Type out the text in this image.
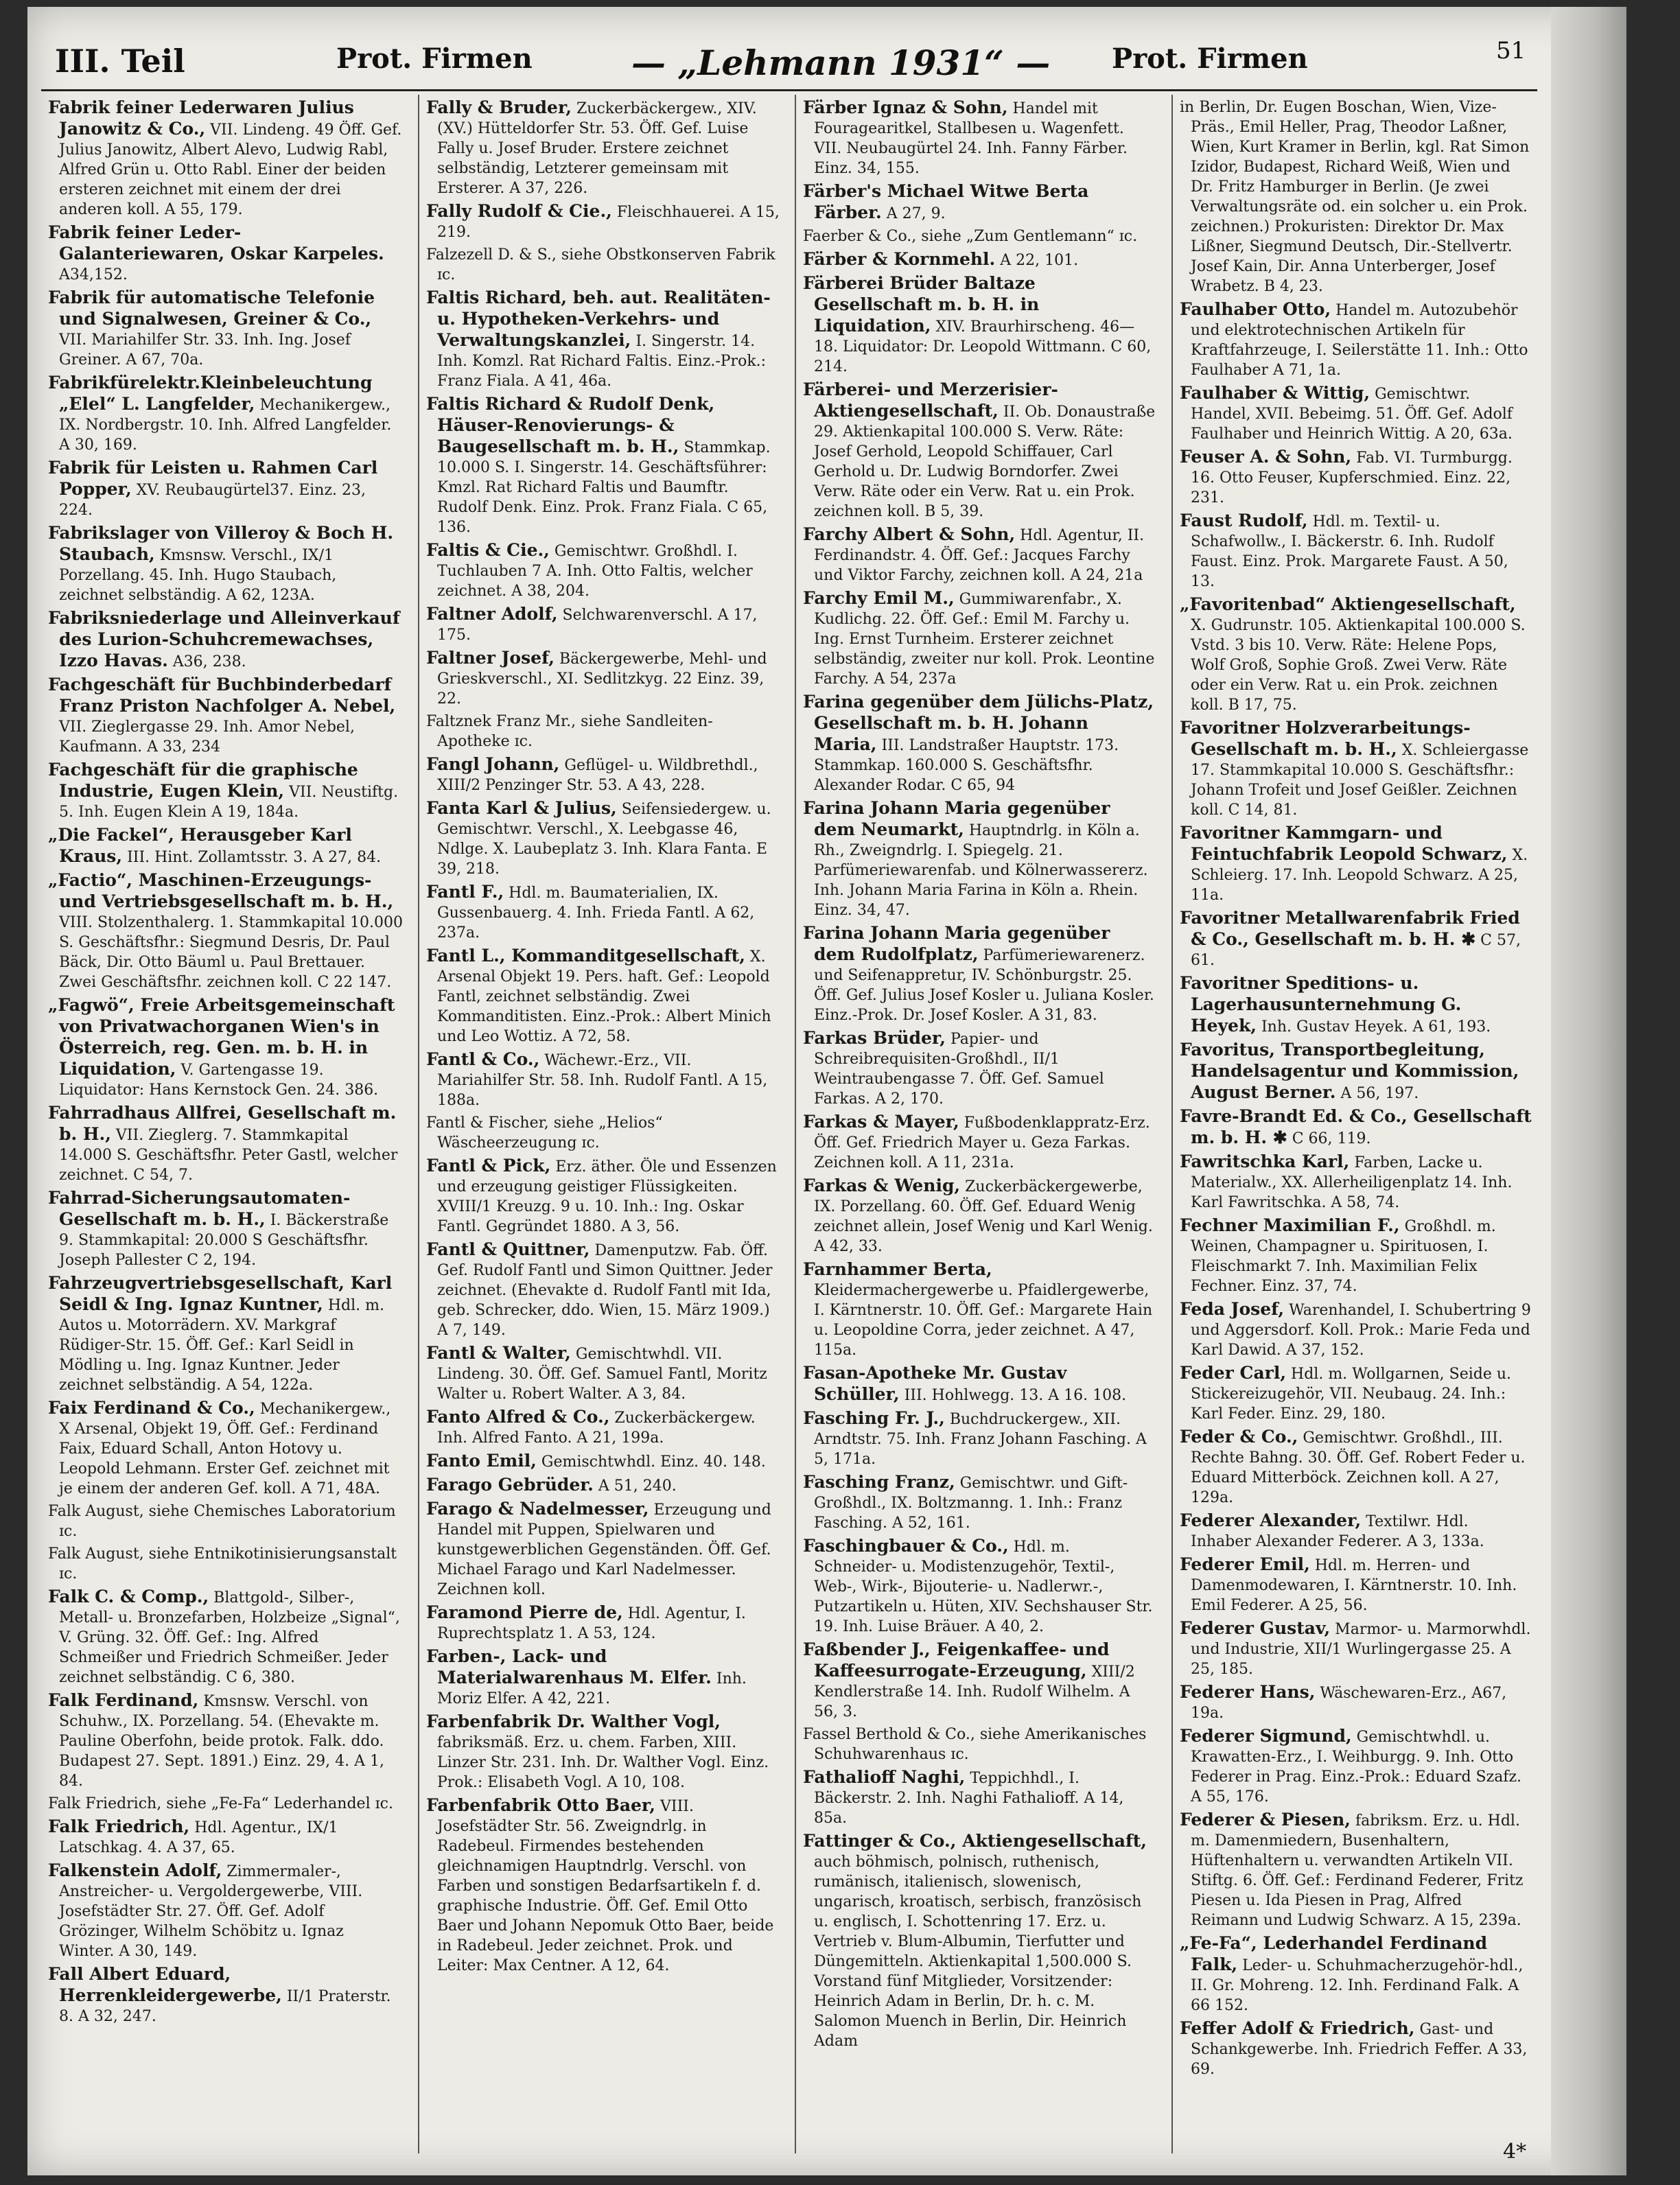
III. Teil	Prot. Firmen	— „Lehmann 1931“ — Prot. Firmen	51

Fabrik feiner Lederwaren Julius Janowitz & Co., VII. Lindeng. 49 Öff. Gef. Julius Janowitz, Albert Alevo, Ludwig Rabl, Alfred Grün u. Otto Rabl. Einer der beiden ersteren zeichnet mit einem der drei anderen koll. A 55, 179.

Fabrik feiner Leder-Galanteriewaren, Oskar Karpeles. A34,152.

Fabrik für automatische Telefonie und Signalwesen, Greiner & Co., VII. Mariahilfer Str. 33. Inh. Ing. Josef Greiner. A 67, 70a.

Fabrikfürelektr.Kleinbeleuchtung „Elel“ L. Langfelder, Mechanikergew., IX. Nordbergstr. 10. Inh. Alfred Langfelder. A 30, 169.

Fabrik für Leisten u. Rahmen Carl Popper, XV. Reubaugürtel37. Einz. 23, 224.

Fabrikslager von Villeroy & Boch H. Staubach, Kmsnsw. Verschl., IX/1 Porzellang. 45. Inh. Hugo Staubach, zeichnet selbständig. A 62, 123A.

Fabriksniederlage und Alleinverkauf des Lurion-Schuhcremewachses, Izzo Havas. A36, 238.

Fachgeschäft für Buchbinderbedarf Franz Priston Nachfolger A. Nebel, VII. Zieglergasse 29. Inh. Amor Nebel, Kaufmann. A 33, 234

Fachgeschäft für die graphische Industrie, Eugen Klein, VII. Neustiftg. 5. Inh. Eugen Klein A 19, 184a.

„Die Fackel“, Herausgeber Karl Kraus, III. Hint. Zollamtsstr. 3. A 27, 84.

„Factio“, Maschinen-Erzeugungs- und Vertriebsgesellschaft m. b. H., VIII. Stolzenthalerg. 1. Stammkapital 10.000 S. Geschäftsfhr.: Siegmund Desris, Dr. Paul Bäck, Dir. Otto Bäuml u. Paul Brettauer. Zwei Geschäftsfhr. zeichnen koll. C 22 147.

„Fagwö“, Freie Arbeitsgemeinschaft von Privatwachorganen Wien's in Österreich, reg. Gen. m. b. H. in Liquidation, V. Gartengasse 19. Liquidator: Hans Kernstock Gen. 24. 386.

Fahrradhaus Allfrei, Gesellschaft m. b. H., VII. Zieglerg. 7. Stammkapital 14.000 S. Geschäftsfhr. Peter Gastl, welcher zeichnet. C 54, 7.

Fahrrad-Sicherungsautomaten-Gesellschaft m. b. H., I. Bäckerstraße 9. Stammkapital: 20.000 S Geschäftsfhr. Joseph Pallester C 2, 194.

Fahrzeugvertriebsgesellschaft, Karl Seidl & Ing. Ignaz Kuntner, Hdl. m. Autos u. Motorrädern. XV. Markgraf Rüdiger-Str. 15. Öff. Gef.: Karl Seidl in Mödling u. Ing. Ignaz Kuntner. Jeder zeichnet selbständig. A 54, 122a.

Faix Ferdinand & Co., Mechanikergew., X Arsenal, Objekt 19, Öff. Gef.: Ferdinand Faix, Eduard Schall, Anton Hotovy u. Leopold Lehmann. Erster Gef. zeichnet mit je einem der anderen Gef. koll. A 71, 48A.

Falk August, siehe Chemisches Laboratorium ɪc.

Falk August, siehe Entnikotinisierungsanstalt ɪc.

Falk C. & Comp., Blattgold-, Silber-, Metall- u. Bronzefarben, Holzbeize „Signal“, V. Grüng. 32. Öff. Gef.: Ing. Alfred Schmeißer und Friedrich Schmeißer. Jeder zeichnet selbständig. C 6, 380.

Falk Ferdinand, Kmsnsw. Verschl. von Schuhw., IX. Porzellang. 54. (Ehevakte m. Pauline Oberfohn, beide protok. Falk. ddo. Budapest 27. Sept. 1891.) Einz. 29, 4. A 1, 84.

Falk Friedrich, siehe „Fe-Fa“ Lederhandel ɪc.

Falk Friedrich, Hdl. Agentur., IX/1 Latschkag. 4. A 37, 65.

Falkenstein Adolf, Zimmermaler-, Anstreicher- u. Vergoldergewerbe, VIII. Josefstädter Str. 27. Öff. Gef. Adolf Grözinger, Wilhelm Schöbitz u. Ignaz Winter. A 30, 149.

Fall Albert Eduard, Herrenkleidergewerbe, II/1 Praterstr. 8. A 32, 247.

Fally & Bruder, Zuckerbäckergew., XIV. (XV.) Hütteldorfer Str. 53. Öff. Gef. Luise Fally u. Josef Bruder. Erstere zeichnet selbständig, Letzterer gemeinsam mit Ersterer. A 37, 226.

Fally Rudolf & Cie., Fleischhauerei. A 15, 219.

Falzezell D. & S., siehe Obstkonserven Fabrik ɪc.

Faltis Richard, beh. aut. Realitäten- u. Hypotheken-Verkehrs- und Verwaltungskanzlei, I. Singerstr. 14. Inh. Komzl. Rat Richard Faltis. Einz.-Prok.: Franz Fiala. A 41, 46a.

Faltis Richard & Rudolf Denk, Häuser-Renovierungs- & Baugesellschaft m. b. H., Stammkap. 10.000 S. I. Singerstr. 14. Geschäftsführer: Kmzl. Rat Richard Faltis und Baumftr. Rudolf Denk. Einz. Prok. Franz Fiala. C 65, 136.

Faltis & Cie., Gemischtwr. Großhdl. I. Tuchlauben 7 A. Inh. Otto Faltis, welcher zeichnet. A 38, 204.

Faltner Adolf, Selchwarenverschl. A 17, 175.

Faltner Josef, Bäckergewerbe, Mehl- und Grieskverschl., XI. Sedlitzkyg. 22 Einz. 39, 22.

Faltznek Franz Mr., siehe Sandleiten-Apotheke ɪc.

Fangl Johann, Geflügel- u. Wildbrethdl., XIII/2 Penzinger Str. 53. A 43, 228.

Fanta Karl & Julius, Seifensiedergew. u. Gemischtwr. Verschl., X. Leebgasse 46, Ndlge. X. Laubeplatz 3. Inh. Klara Fanta. E 39, 218.

Fantl F., Hdl. m. Baumaterialien, IX. Gussenbauerg. 4. Inh. Frieda Fantl. A 62, 237a.

Fantl L., Kommanditgesellschaft, X. Arsenal Objekt 19. Pers. haft. Gef.: Leopold Fantl, zeichnet selbständig. Zwei Kommanditisten. Einz.-Prok.: Albert Minich und Leo Wottiz. A 72, 58.

Fantl & Co., Wächewr.-Erz., VII. Mariahilfer Str. 58. Inh. Rudolf Fantl. A 15, 188a.

Fantl & Fischer, siehe „Helios“ Wäscheerzeugung ɪc.

Fantl & Pick, Erz. äther. Öle und Essenzen und erzeugung geistiger Flüssigkeiten. XVIII/1 Kreuzg. 9 u. 10. Inh.: Ing. Oskar Fantl. Gegründet 1880. A 3, 56.

Fantl & Quittner, Damenputzw. Fab. Öff. Gef. Rudolf Fantl und Simon Quittner. Jeder zeichnet. (Ehevakte d. Rudolf Fantl mit Ida, geb. Schrecker, ddo. Wien, 15. März 1909.) A 7, 149.

Fantl & Walter, Gemischtwhdl. VII. Lindeng. 30. Öff. Gef. Samuel Fantl, Moritz Walter u. Robert Walter. A 3, 84.

Fanto Alfred & Co., Zuckerbäckergew. Inh. Alfred Fanto. A 21, 199a.

Fanto Emil, Gemischtwhdl. Einz. 40. 148.

Farago Gebrüder. A 51, 240.

Farago & Nadelmesser, Erzeugung und Handel mit Puppen, Spielwaren und kunstgewerblichen Gegenständen. Öff. Gef. Michael Farago und Karl Nadelmesser. Zeichnen koll.

Faramond Pierre de, Hdl. Agentur, I. Ruprechtsplatz 1. A 53, 124.

Farben-, Lack- und Materialwarenhaus M. Elfer. Inh. Moriz Elfer. A 42, 221.

Farbenfabrik Dr. Walther Vogl, fabriksmäß. Erz. u. chem. Farben, XIII. Linzer Str. 231. Inh. Dr. Walther Vogl. Einz. Prok.: Elisabeth Vogl. A 10, 108.

Farbenfabrik Otto Baer, VIII. Josefstädter Str. 56. Zweigndrlg. in Radebeul. Firmendes bestehenden gleichnamigen Hauptndrlg. Verschl. von Farben und sonstigen Bedarfsartikeln f. d. graphische Industrie. Öff. Gef. Emil Otto Baer und Johann Nepomuk Otto Baer, beide in Radebeul. Jeder zeichnet. Prok. und Leiter: Max Centner. A 12, 64.

Färber Ignaz & Sohn, Handel mit Fouragearitkel, Stallbesen u. Wagenfett. VII. Neubaugürtel 24. Inh. Fanny Färber. Einz. 34, 155.

Färber's Michael Witwe Berta Färber. A 27, 9.

Faerber & Co., siehe „Zum Gentlemann“ ɪc.

Färber & Kornmehl. A 22, 101.

Färberei Brüder Baltaze Gesellschaft m. b. H. in Liquidation, XIV. Braurhirscheng. 46—18. Liquidator: Dr. Leopold Wittmann. C 60, 214.

Färberei- und Merzerisier-Aktiengesellschaft, II. Ob. Donaustraße 29. Aktienkapital 100.000 S. Verw. Räte: Josef Gerhold, Leopold Schiffauer, Carl Gerhold u. Dr. Ludwig Borndorfer. Zwei Verw. Räte oder ein Verw. Rat u. ein Prok. zeichnen koll. B 5, 39.

Farchy Albert & Sohn, Hdl. Agentur, II. Ferdinandstr. 4. Öff. Gef.: Jacques Farchy und Viktor Farchy, zeichnen koll. A 24, 21a

Farchy Emil M., Gummiwarenfabr., X. Kudlichg. 22. Öff. Gef.: Emil M. Farchy u. Ing. Ernst Turnheim. Ersterer zeichnet selbständig, zweiter nur koll. Prok. Leontine Farchy. A 54, 237a

Farina gegenüber dem Jülichs-Platz, Gesellschaft m. b. H. Johann Maria, III. Landstraßer Hauptstr. 173. Stammkap. 160.000 S. Geschäftsfhr. Alexander Rodar. C 65, 94

Farina Johann Maria gegenüber dem Neumarkt, Hauptndrlg. in Köln a. Rh., Zweigndrlg. I. Spiegelg. 21. Parfümeriewarenfab. und Kölnerwassererz. Inh. Johann Maria Farina in Köln a. Rhein. Einz. 34, 47.

Farina Johann Maria gegenüber dem Rudolfplatz, Parfümeriewarenerz. und Seifenappretur, IV. Schönburgstr. 25. Öff. Gef. Julius Josef Kosler u. Juliana Kosler. Einz.-Prok. Dr. Josef Kosler. A 31, 83.

Farkas Brüder, Papier- und Schreibrequisiten-Großhdl., II/1 Weintraubengasse 7. Öff. Gef. Samuel Farkas. A 2, 170.

Farkas & Mayer, Fußbodenklappratz-Erz. Öff. Gef. Friedrich Mayer u. Geza Farkas. Zeichnen koll. A 11, 231a.

Farkas & Wenig, Zuckerbäckergewerbe, IX. Porzellang. 60. Öff. Gef. Eduard Wenig zeichnet allein, Josef Wenig und Karl Wenig. A 42, 33.

Farnhammer Berta, Kleidermachergewerbe u. Pfaidlergewerbe, I. Kärntnerstr. 10. Öff. Gef.: Margarete Hain u. Leopoldine Corra, jeder zeichnet. A 47, 115a.

Fasan-Apotheke Mr. Gustav Schüller, III. Hohlwegg. 13. A 16. 108.

Fasching Fr. J., Buchdruckergew., XII. Arndtstr. 75. Inh. Franz Johann Fasching. A 5, 171a.

Fasching Franz, Gemischtwr. und Gift-Großhdl., IX. Boltzmanng. 1. Inh.: Franz Fasching. A 52, 161.

Faschingbauer & Co., Hdl. m. Schneider- u. Modistenzugehör, Textil-, Web-, Wirk-, Bijouterie- u. Nadlerwr.-, Putzartikeln u. Hüten, XIV. Sechshauser Str. 19. Inh. Luise Bräuer. A 40, 2.

Faßbender J., Feigenkaffee- und Kaffeesurrogate-Erzeugung, XIII/2 Kendlerstraße 14. Inh. Rudolf Wilhelm. A 56, 3.

Fassel Berthold & Co., siehe Amerikanisches Schuhwarenhaus ɪc.

Fathalioff Naghi, Teppichhdl., I. Bäckerstr. 2. Inh. Naghi Fathalioff. A 14, 85a.

Fattinger & Co., Aktiengesellschaft, auch böhmisch, polnisch, ruthenisch, rumänisch, italienisch, slowenisch, ungarisch, kroatisch, serbisch, französisch u. englisch, I. Schottenring 17. Erz. u. Vertrieb v. Blum-Albumin, Tierfutter und Düngemitteln. Aktienkapital 1,500.000 S. Vorstand fünf Mitglieder, Vorsitzender: Heinrich Adam in Berlin, Dr. h. c. M. Salomon Muench in Berlin, Dir. Heinrich Adam

in Berlin, Dr. Eugen Boschan, Wien, Vize-Präs., Emil Heller, Prag, Theodor Laßner, Wien, Kurt Kramer in Berlin, kgl. Rat Simon Izidor, Budapest, Richard Weiß, Wien und Dr. Fritz Hamburger in Berlin. (Je zwei Verwaltungsräte od. ein solcher u. ein Prok. zeichnen.) Prokuristen: Direktor Dr. Max Lißner, Siegmund Deutsch, Dir.-Stellvertr. Josef Kain, Dir. Anna Unterberger, Josef Wrabetz. B 4, 23.

Faulhaber Otto, Handel m. Autozubehör und elektrotechnischen Artikeln für Kraftfahrzeuge, I. Seilerstätte 11. Inh.: Otto Faulhaber A 71, 1a.

Faulhaber & Wittig, Gemischtwr. Handel, XVII. Bebeimg. 51. Öff. Gef. Adolf Faulhaber und Heinrich Wittig. A 20, 63a.

Feuser A. & Sohn, Fab. VI. Turmburgg. 16. Otto Feuser, Kupferschmied. Einz. 22, 231.

Faust Rudolf, Hdl. m. Textil- u. Schafwollw., I. Bäckerstr. 6. Inh. Rudolf Faust. Einz. Prok. Margarete Faust. A 50, 13.

„Favoritenbad“ Aktiengesellschaft, X. Gudrunstr. 105. Aktienkapital 100.000 S. Vstd. 3 bis 10. Verw. Räte: Helene Pops, Wolf Groß, Sophie Groß. Zwei Verw. Räte oder ein Verw. Rat u. ein Prok. zeichnen koll. B 17, 75.

Favoritner Holzverarbeitungs-Gesellschaft m. b. H., X. Schleiergasse 17. Stammkapital 10.000 S. Geschäftsfhr.: Johann Trofeit und Josef Geißler. Zeichnen koll. C 14, 81.

Favoritner Kammgarn- und Feintuchfabrik Leopold Schwarz, X. Schleierg. 17. Inh. Leopold Schwarz. A 25, 11a.

Favoritner Metallwarenfabrik Fried & Co., Gesellschaft m. b. H. ✱ C 57, 61.

Favoritner Speditions- u. Lagerhausunternehmung G. Heyek, Inh. Gustav Heyek. A 61, 193.

Favoritus, Transportbegleitung, Handelsagentur und Kommission, August Berner. A 56, 197.

Favre-Brandt Ed. & Co., Gesellschaft m. b. H. ✱ C 66, 119.

Fawritschka Karl, Farben, Lacke u. Materialw., XX. Allerheiligenplatz 14. Inh. Karl Fawritschka. A 58, 74.

Fechner Maximilian F., Großhdl. m. Weinen, Champagner u. Spirituosen, I. Fleischmarkt 7. Inh. Maximilian Felix Fechner. Einz. 37, 74.

Feda Josef, Warenhandel, I. Schubertring 9 und Aggersdorf. Koll. Prok.: Marie Feda und Karl Dawid. A 37, 152.

Feder Carl, Hdl. m. Wollgarnen, Seide u. Stickereizugehör, VII. Neubaug. 24. Inh.: Karl Feder. Einz. 29, 180.

Feder & Co., Gemischtwr. Großhdl., III. Rechte Bahng. 30. Öff. Gef. Robert Feder u. Eduard Mitterböck. Zeichnen koll. A 27, 129a.

Federer Alexander, Textilwr. Hdl. Inhaber Alexander Federer. A 3, 133a.

Federer Emil, Hdl. m. Herren- und Damenmodewaren, I. Kärntnerstr. 10. Inh. Emil Federer. A 25, 56.

Federer Gustav, Marmor- u. Marmorwhdl. und Industrie, XII/1 Wurlingergasse 25. A 25, 185.

Federer Hans, Wäschewaren-Erz., A67, 19a.

Federer Sigmund, Gemischtwhdl. u. Krawatten-Erz., I. Weihburgg. 9. Inh. Otto Federer in Prag. Einz.-Prok.: Eduard Szafz. A 55, 176.

Federer & Piesen, fabriksm. Erz. u. Hdl. m. Damenmiedern, Busenhaltern, Hüftenhaltern u. verwandten Artikeln VII. Stiftg. 6. Öff. Gef.: Ferdinand Federer, Fritz Piesen u. Ida Piesen in Prag, Alfred Reimann und Ludwig Schwarz. A 15, 239a.

„Fe-Fa“, Lederhandel Ferdinand Falk, Leder- u. Schuhmacherzugehör-hdl., II. Gr. Mohreng. 12. Inh. Ferdinand Falk. A 66 152.

Feffer Adolf & Friedrich, Gast- und Schankgewerbe. Inh. Friedrich Feffer. A 33, 69.

4*
